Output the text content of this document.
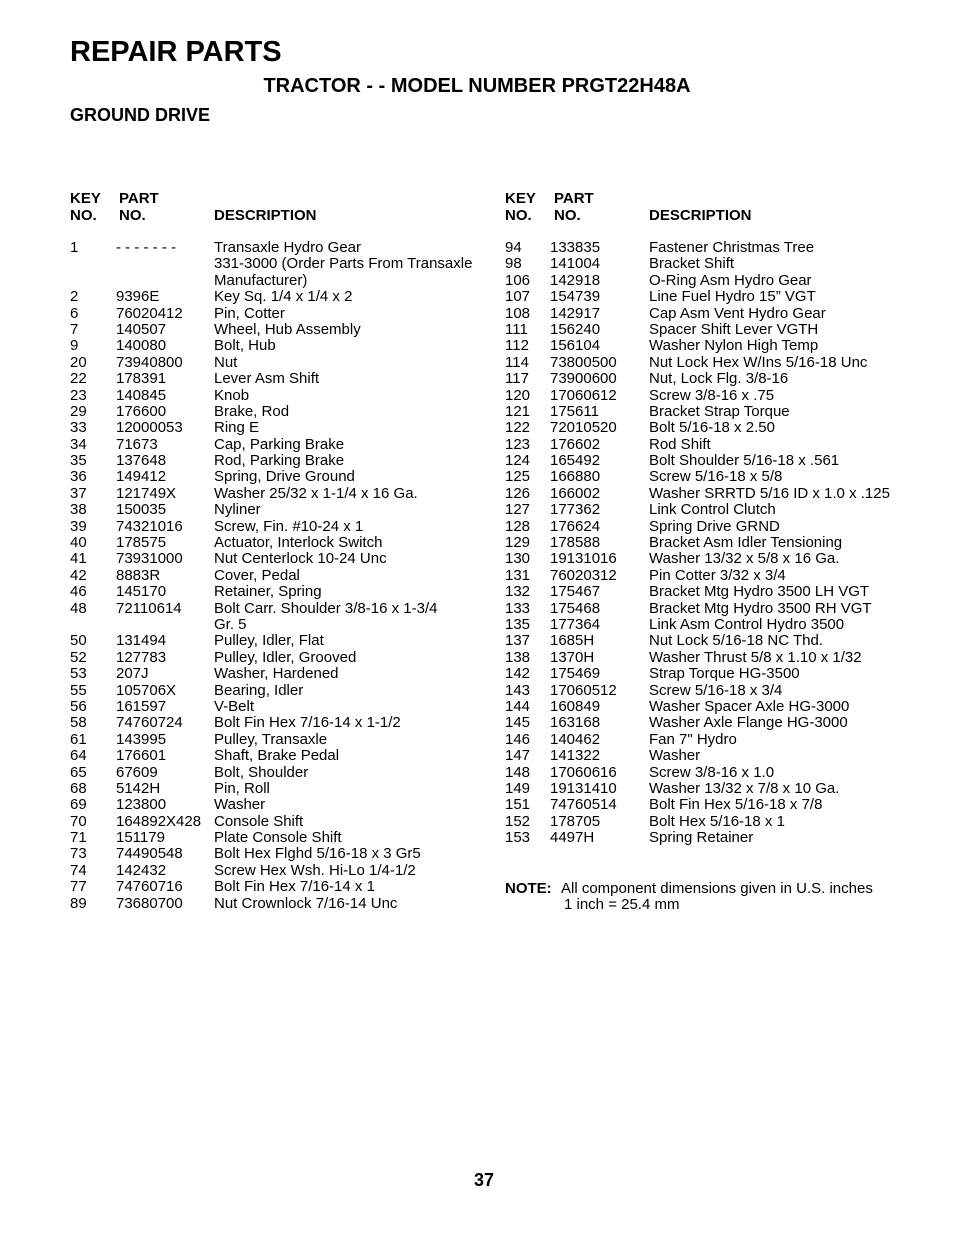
REPAIR PARTS
TRACTOR - - MODEL NUMBER PRGT22H48A
GROUND DRIVE
KEY
NO.
PART
NO.	DESCRIPTION
KEY
NO.
PART
NO.	DESCRIPTION
1	- - - - - - -	Transaxle Hydro Gear
331-3000 (Order Parts From Transaxle
Manufacturer)
2	9396E	Key Sq. 1/4 x 1/4 x 2
6	76020412 Pin, Cotter
7	140507	Wheel, Hub Assembly
9	140080	Bolt, Hub
20 73940800 Nut
22 178391	Lever Asm Shift
23 140845	Knob
29 176600	Brake, Rod
33 12000053 Ring E
34 71673	Cap, Parking Brake
35 137648	Rod, Parking Brake
36 149412	Spring, Drive Ground
37 121749X	Washer 25/32 x 1-1/4 x 16 Ga.
38 150035	Nyliner
39 74321016 Screw, Fin. #10-24 x 1
40 178575	Actuator, Interlock Switch
41 73931000 Nut Centerlock 10-24 Unc
42 8883R	Cover, Pedal
46 145170	Retainer, Spring
48 72110614 Bolt Carr. Shoulder 3/8-16 x 1-3/4
Gr. 5
50 131494	Pulley, Idler, Flat
52 127783	Pulley, Idler, Grooved
53 207J	Washer, Hardened
55 105706X	Bearing, Idler
56 161597	V-Belt
58 74760724 Bolt Fin Hex 7/16-14 x 1-1/2
61 143995	Pulley, Transaxle
64 176601	Shaft, Brake Pedal
65 67609	Bolt, Shoulder
68 5142H	Pin, Roll
69 123800	Washer
70 164892X428 Console Shift
71 151179	Plate Console Shift
73 74490548 Bolt Hex Flghd 5/16-18 x 3 Gr5
74 142432	Screw Hex Wsh. Hi-Lo 1/4-1/2
77 74760716 Bolt Fin Hex 7/16-14 x 1
89 73680700 Nut Crownlock 7/16-14 Unc
94 133835	Fastener Christmas Tree
98 141004	Bracket Shift
106 142918	O-Ring Asm Hydro Gear
107 154739	Line Fuel Hydro 15” VGT
108 142917	Cap Asm Vent Hydro Gear
111 156240	Spacer Shift Lever VGTH
112 156104	Washer Nylon High Temp
114 73800500 Nut Lock Hex W/Ins 5/16-18 Unc
117 73900600 Nut, Lock Flg. 3/8-16
120 17060612 Screw 3/8-16 x .75
121 175611	Bracket Strap Torque
122 72010520 Bolt 5/16-18 x 2.50
123 176602	Rod Shift
124 165492	Bolt Shoulder 5/16-18 x .561
125 166880	Screw 5/16-18 x 5/8
126 166002	Washer SRRTD 5/16 ID x 1.0 x .125
127 177362	Link Control Clutch
128 176624	Spring Drive GRND
129 178588	Bracket Asm Idler Tensioning
130 19131016 Washer 13/32 x 5/8 x 16 Ga.
131 76020312 Pin Cotter 3/32 x 3/4
132 175467	Bracket Mtg Hydro 3500 LH VGT
133 175468	Bracket Mtg Hydro 3500 RH VGT
135 177364	Link Asm Control Hydro 3500
137 1685H	Nut Lock 5/16-18 NC Thd.
138 1370H	Washer Thrust 5/8 x 1.10 x 1/32
142 175469	Strap Torque HG-3500
143 17060512 Screw 5/16-18 x 3/4
144 160849	Washer Spacer Axle HG-3000
145 163168	Washer Axle Flange HG-3000
146 140462	Fan 7" Hydro
147 141322	Washer
148 17060616 Screw 3/8-16 x 1.0
149 19131410 Washer 13/32 x 7/8 x 10 Ga.
151 74760514 Bolt Fin Hex 5/16-18 x 7/8
152 178705	Bolt Hex 5/16-18 x 1
153 4497H	Spring Retainer
NOTE: All component dimensions given in U.S. inches
1 inch = 25.4 mm
37
